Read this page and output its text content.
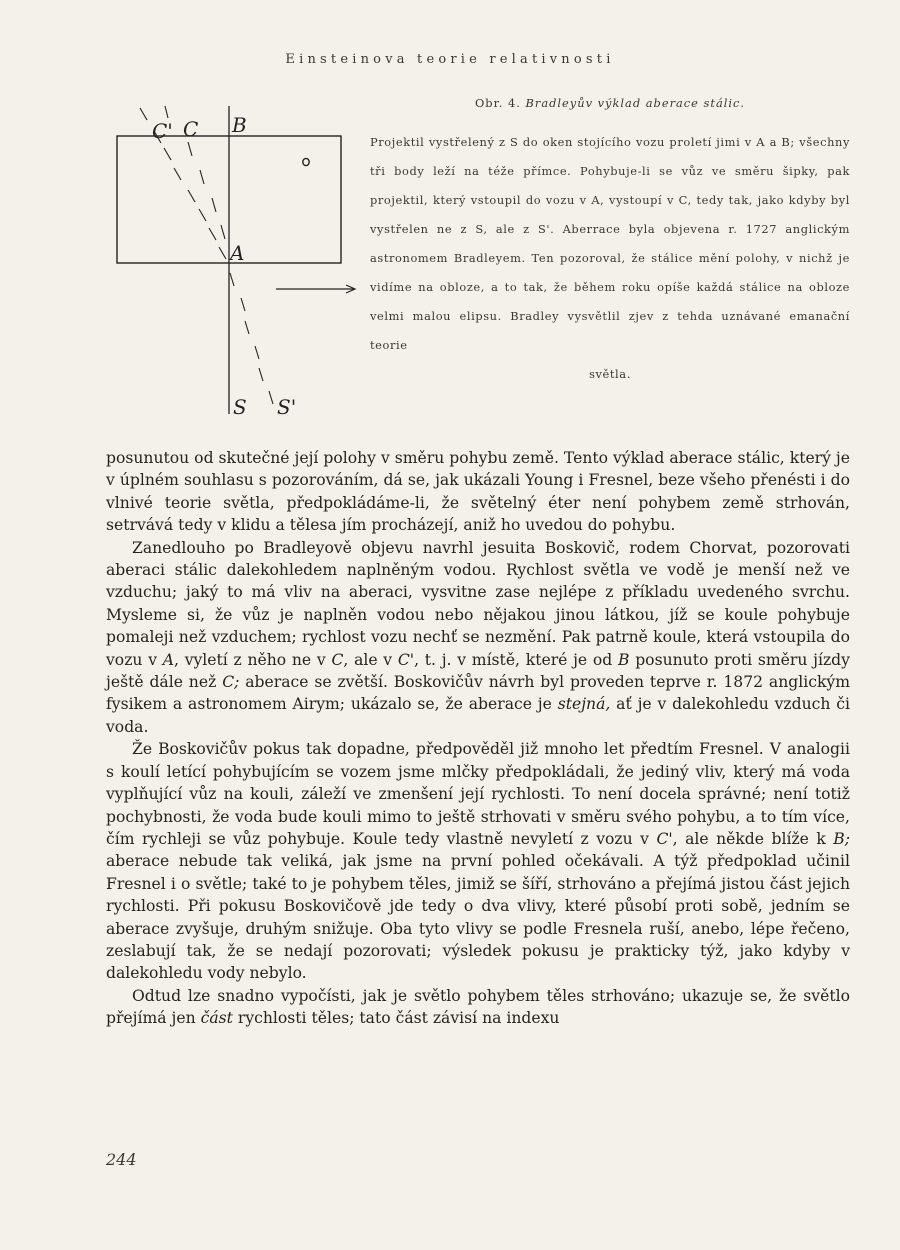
Einsteinova teorie relativnosti
C' C B
A
S S'

Obr. 4. Bradleyův výklad aberace stálic.

Projektil vystřelený z S do oken stojícího vozu proletí jimi v A a B; všechny tři body leží na téže přímce. Pohybuje-li se vůz ve směru šipky, pak projektil, který vstoupil do vozu v A, vystoupí v C, tedy tak, jako kdyby byl vystřelen ne z S, ale z S'. Aberrace byla objevena r. 1727 anglickým astronomem Bradleyem. Ten pozoroval, že stálice mění polohy, v nichž je vidíme na obloze, a to tak, že během roku opíše každá stálice na obloze velmi malou elipsu. Bradley vysvětlil zjev z tehda uznávané emanační teorie
světla.

posunutou od skutečné její polohy v směru pohybu země. Tento výklad aberace stálic, který je v úplném souhlasu s pozorováním, dá se, jak ukázali Young i Fresnel, beze všeho přenésti i do vlnivé teorie světla, předpokládáme-li, že světelný éter není pohybem země strhován, setrvává tedy v klidu a tělesa jím procházejí, aniž ho uvedou do pohybu.

Zanedlouho po Bradleyově objevu navrhl jesuita Boskovič, rodem Chorvat, pozorovati aberaci stálic dalekohledem naplněným vodou. Rychlost světla ve vodě je menší než ve vzduchu; jaký to má vliv na aberaci, vysvitne zase nejlépe z příkladu uvedeného svrchu. Mysleme si, že vůz je naplněn vodou nebo nějakou jinou látkou, jíž se koule pohybuje pomaleji než vzduchem; rychlost vozu nechť se nezmění. Pak patrně koule, která vstoupila do vozu v A, vyletí z něho ne v C, ale v C', t. j. v místě, které je od B posunuto proti směru jízdy ještě dále než C; aberace se zvětší. Boskovičův návrh byl proveden teprve r. 1872 anglickým fysikem a astronomem Airym; ukázalo se, že aberace je stejná, ať je v dalekohledu vzduch či voda.

Že Boskovičův pokus tak dopadne, předpověděl již mnoho let předtím Fresnel. V analogii s koulí letící pohybujícím se vozem jsme mlčky předpokládali, že jediný vliv, který má voda vyplňující vůz na kouli, záleží ve zmenšení její rychlosti. To není docela správné; není totiž pochybnosti, že voda bude kouli mimo to ještě strhovati v směru svého pohybu, a to tím více, čím rychleji se vůz pohybuje. Koule tedy vlastně nevyletí z vozu v C', ale někde blíže k B; aberace nebude tak veliká, jak jsme na první pohled očekávali. A týž předpoklad učinil Fresnel i o světle; také to je pohybem těles, jimiž se šíří, strhováno a přejímá jistou část jejich rychlosti. Při pokusu Boskovičově jde tedy o dva vlivy, které působí proti sobě, jedním se aberace zvyšuje, druhým snižuje. Oba tyto vlivy se podle Fresnela ruší, anebo, lépe řečeno, zeslabují tak, že se nedají pozorovati; výsledek pokusu je prakticky týž, jako kdyby v dalekohledu vody nebylo.

Odtud lze snadno vypočísti, jak je světlo pohybem těles strhováno; ukazuje se, že světlo přejímá jen část rychlosti těles; tato část závisí na indexu

244
